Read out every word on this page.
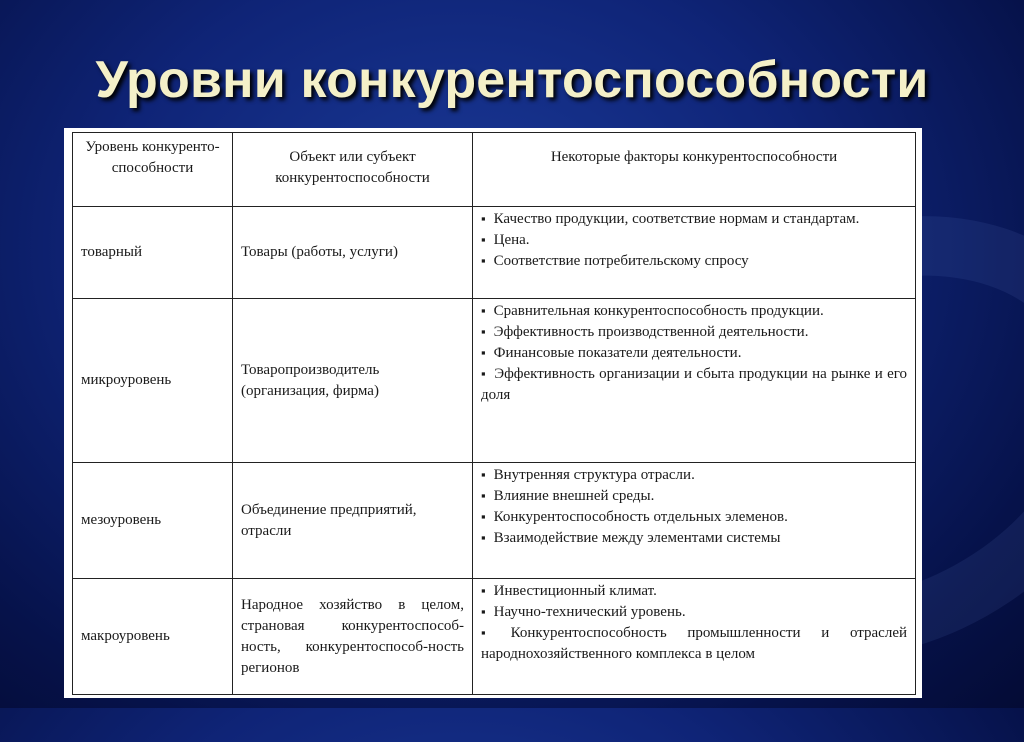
Уровни конкурентоспособности
Уровень конкуренто-способности	Объект или субъект конкурентоспособности	Некоторые факторы конкурентоспособности
товарный	Товары (работы, услуги)	▪ Качество продукции, соответствие нормам и стандартам.
▪ Цена.
▪ Соответствие потребительскому спросу

микроуровень	Товаропроизводитель (организация, фирма)	▪ Сравнительная конкурентоспособность продукции.
▪ Эффективность производственной деятельности.
▪ Финансовые показатели деятельности.
▪ Эффективность организации и сбыта продукции на рынке и его доля

мезоуровень	Объединение предприятий, отрасли	▪ Внутренняя структура отрасли.
▪ Влияние внешней среды.
▪ Конкурентоспособность отдельных элеменов.
▪ Взаимодействие между элементами системы

макроуровень	Народное хозяйство в целом, страновая конкурентоспособ-ность, конкурентоспособ-ность регионов	▪ Инвестиционный климат.
▪ Научно-технический уровень.
▪ Конкурентоспособность промышленности и отраслей народнохозяйственного комплекса в целом
